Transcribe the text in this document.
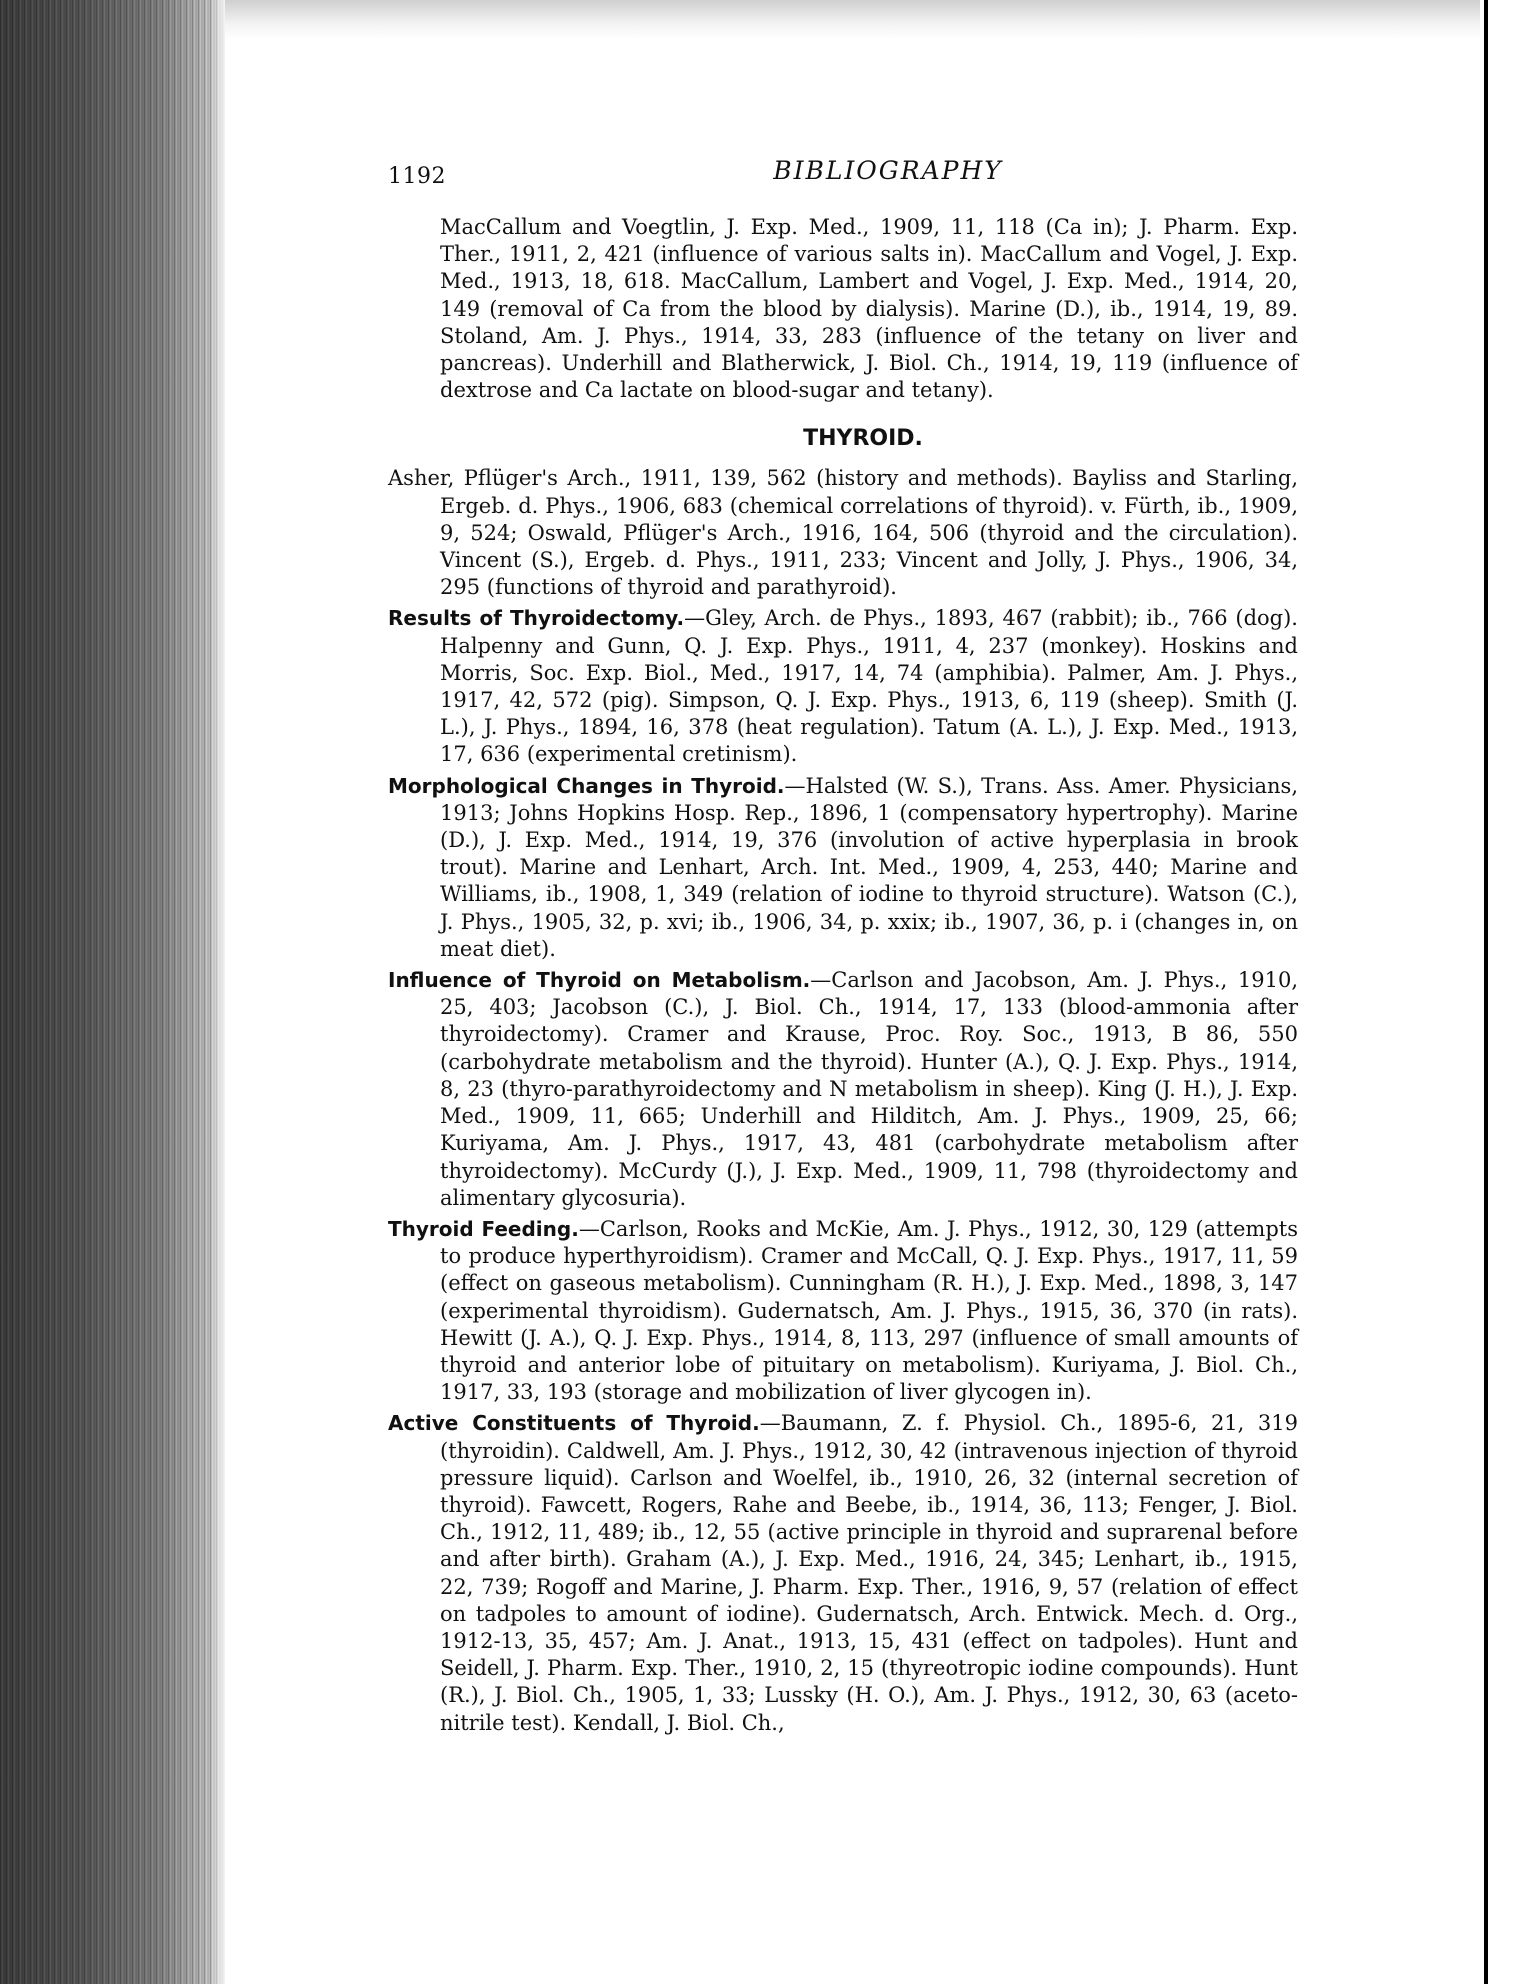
1192	BIBLIOGRAPHY

MacCallum and Voegtlin, J. Exp. Med., 1909, 11, 118 (Ca in); J. Pharm. Exp. Ther., 1911, 2, 421 (influence of various salts in). MacCallum and Vogel, J. Exp. Med., 1913, 18, 618. MacCallum, Lambert and Vogel, J. Exp. Med., 1914, 20, 149 (removal of Ca from the blood by dialysis). Marine (D.), ib., 1914, 19, 89. Stoland, Am. J. Phys., 1914, 33, 283 (influence of the tetany on liver and pancreas). Underhill and Blatherwick, J. Biol. Ch., 1914, 19, 119 (influence of dextrose and Ca lactate on blood-sugar and tetany).

THYROID.

Asher, Pflüger's Arch., 1911, 139, 562 (history and methods). Bayliss and Starling, Ergeb. d. Phys., 1906, 683 (chemical correlations of thyroid). v. Fürth, ib., 1909, 9, 524; Oswald, Pflüger's Arch., 1916, 164, 506 (thyroid and the circulation). Vincent (S.), Ergeb. d. Phys., 1911, 233; Vincent and Jolly, J. Phys., 1906, 34, 295 (functions of thyroid and parathyroid).

Results of Thyroidectomy.—Gley, Arch. de Phys., 1893, 467 (rabbit); ib., 766 (dog). Halpenny and Gunn, Q. J. Exp. Phys., 1911, 4, 237 (monkey). Hoskins and Morris, Soc. Exp. Biol., Med., 1917, 14, 74 (amphibia). Palmer, Am. J. Phys., 1917, 42, 572 (pig). Simpson, Q. J. Exp. Phys., 1913, 6, 119 (sheep). Smith (J. L.), J. Phys., 1894, 16, 378 (heat regulation). Tatum (A. L.), J. Exp. Med., 1913, 17, 636 (experimental cretinism).

Morphological Changes in Thyroid.—Halsted (W. S.), Trans. Ass. Amer. Physicians, 1913; Johns Hopkins Hosp. Rep., 1896, 1 (compensatory hypertrophy). Marine (D.), J. Exp. Med., 1914, 19, 376 (involution of active hyperplasia in brook trout). Marine and Lenhart, Arch. Int. Med., 1909, 4, 253, 440; Marine and Williams, ib., 1908, 1, 349 (relation of iodine to thyroid structure). Watson (C.), J. Phys., 1905, 32, p. xvi; ib., 1906, 34, p. xxix; ib., 1907, 36, p. i (changes in, on meat diet).

Influence of Thyroid on Metabolism.—Carlson and Jacobson, Am. J. Phys., 1910, 25, 403; Jacobson (C.), J. Biol. Ch., 1914, 17, 133 (blood-ammonia after thyroidectomy). Cramer and Krause, Proc. Roy. Soc., 1913, B 86, 550 (carbohydrate metabolism and the thyroid). Hunter (A.), Q. J. Exp. Phys., 1914, 8, 23 (thyro-parathyroidectomy and N metabolism in sheep). King (J. H.), J. Exp. Med., 1909, 11, 665; Underhill and Hilditch, Am. J. Phys., 1909, 25, 66; Kuriyama, Am. J. Phys., 1917, 43, 481 (carbohydrate metabolism after thyroidectomy). McCurdy (J.), J. Exp. Med., 1909, 11, 798 (thyroidectomy and alimentary glycosuria).

Thyroid Feeding.—Carlson, Rooks and McKie, Am. J. Phys., 1912, 30, 129 (attempts to produce hyperthyroidism). Cramer and McCall, Q. J. Exp. Phys., 1917, 11, 59 (effect on gaseous metabolism). Cunningham (R. H.), J. Exp. Med., 1898, 3, 147 (experimental thyroidism). Gudernatsch, Am. J. Phys., 1915, 36, 370 (in rats). Hewitt (J. A.), Q. J. Exp. Phys., 1914, 8, 113, 297 (influence of small amounts of thyroid and anterior lobe of pituitary on metabolism). Kuriyama, J. Biol. Ch., 1917, 33, 193 (storage and mobilization of liver glycogen in).

Active Constituents of Thyroid.—Baumann, Z. f. Physiol. Ch., 1895-6, 21, 319 (thyroidin). Caldwell, Am. J. Phys., 1912, 30, 42 (intravenous injection of thyroid pressure liquid). Carlson and Woelfel, ib., 1910, 26, 32 (internal secretion of thyroid). Fawcett, Rogers, Rahe and Beebe, ib., 1914, 36, 113; Fenger, J. Biol. Ch., 1912, 11, 489; ib., 12, 55 (active principle in thyroid and suprarenal before and after birth). Graham (A.), J. Exp. Med., 1916, 24, 345; Lenhart, ib., 1915, 22, 739; Rogoff and Marine, J. Pharm. Exp. Ther., 1916, 9, 57 (relation of effect on tadpoles to amount of iodine). Gudernatsch, Arch. Entwick. Mech. d. Org., 1912-13, 35, 457; Am. J. Anat., 1913, 15, 431 (effect on tadpoles). Hunt and Seidell, J. Pharm. Exp. Ther., 1910, 2, 15 (thyreotropic iodine compounds). Hunt (R.), J. Biol. Ch., 1905, 1, 33; Lussky (H. O.), Am. J. Phys., 1912, 30, 63 (aceto-nitrile test). Kendall, J. Biol. Ch.,
